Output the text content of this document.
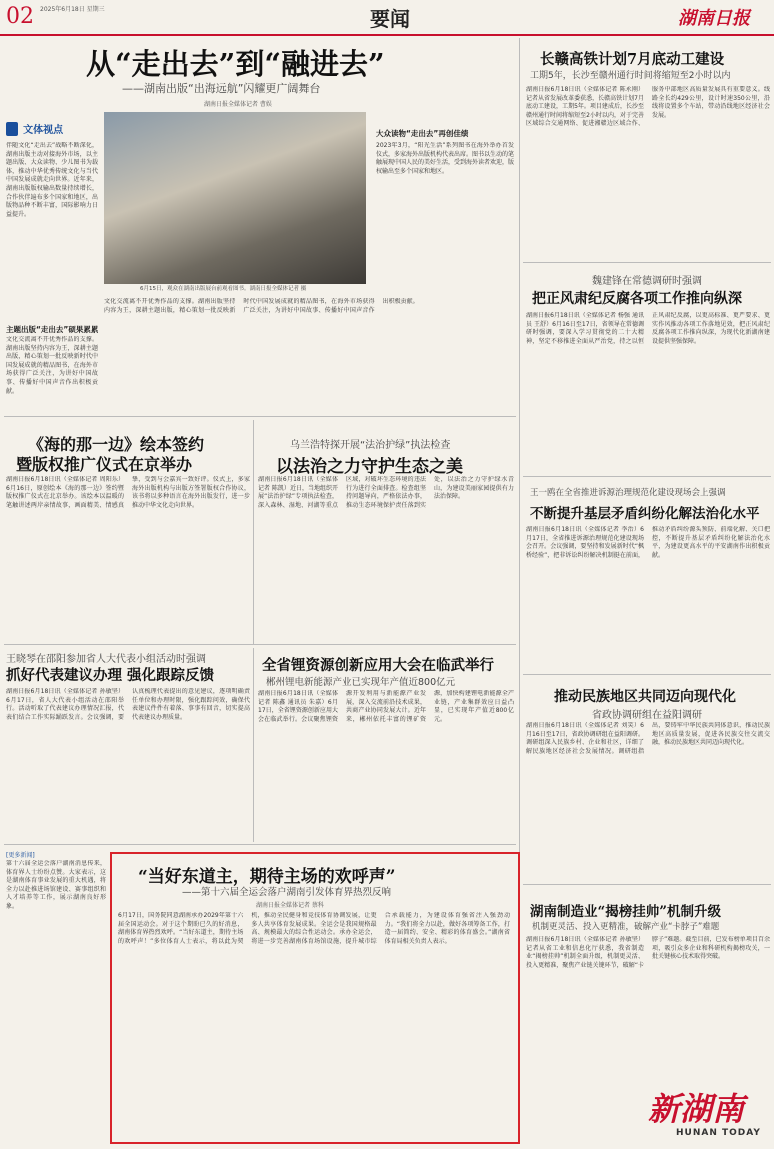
02 2025年6月18日 星期三	要闻	湖南日报
从“走出去”到“融进去”
——湖南出版“出海远航”闪耀更广阔舞台
湖南日报全媒体记者 曹娱
文体视点
伴随文化“走出去”战略不断深化，湖南出版主动对接海外市场，以主题出版、大众读物、少儿图书为载体，推动中华优秀传统文化与当代中国发展成就走向世界。近年来，湖南出版版权输出数量持续增长，合作伙伴遍布多个国家和地区，出版物品种不断丰富，国际影响力日益提升。
主题出版“走出去”硕果累累
文化交流离不开优秀作品的支撑。湖南出版坚持内容为王，深耕主题出版，精心策划一批反映新时代中国发展成就的精品图书，在海外市场获得广泛关注，为讲好中国故事、传播好中国声音作出积极贡献。
6月15日，观众在湖南出版展台前观看图书。湖南日报全媒体记者 摄
大众读物“走出去”再创佳绩
2023年3月，“阳光生活”系列图书在海外举办首发仪式，多家海外出版机构代表出席。图书以生动的笔触展现中国人民的美好生活，受到海外读者欢迎，版权输出至多个国家和地区。
文化交流离不开优秀作品的支撑。湖南出版坚持内容为王，深耕主题出版，精心策划一批反映新时代中国发展成就的精品图书，在海外市场获得广泛关注，为讲好中国故事、传播好中国声音作出积极贡献。
《海的那一边》绘本签约
暨版权推广仪式在京举办
湖南日报6月18日讯（全媒体记者 周阳乐）6月16日，原创绘本《海的那一边》签约暨版权推广仪式在北京举办。该绘本以温暖的笔触讲述两岸亲情故事，画面精美、情感真挚，受到与会嘉宾一致好评。仪式上，多家海外出版机构与出版方签署版权合作协议，该书将以多种语言在海外出版发行，进一步推动中华文化走向世界。
乌兰浩特探开展“法治护绿”执法检查
以法治之力守护生态之美
湖南日报6月18日讯（全媒体记者 陈凯）近日，当地组织开展“法治护绿”专项执法检查，深入森林、湿地、河湖等重点区域，对破坏生态环境的违法行为进行全面排查。检查组坚持问题导向，严格依法办事，推动生态环境保护责任落到实处，以法治之力守护绿水青山，为建设美丽家园提供有力法治保障。
王晓琴在邵阳参加省人大代表小组活动时强调
抓好代表建议办理 强化跟踪反馈
湖南日报6月18日讯（全媒体记者 孙敏坚）6月17日，省人大代表小组活动在邵阳举行。活动听取了代表建议办理情况汇报，代表们结合工作实际踊跃发言。会议强调，要认真梳理代表提出的意见建议，逐项明确责任单位和办理时限，强化跟踪问效，确保代表建议件件有着落、事事有回音，切实提高代表建议办理质量。
全省锂资源创新应用大会在临武举行
郴州锂电新能源产业已实现年产值近800亿元
湖南日报6月18日讯（全媒体记者 陈鑫 通讯员 朱嘉）6月17日，全省锂资源创新应用大会在临武举行。会议聚焦锂资源开发利用与新能源产业发展，深入交流前沿技术成果，共商产业协同发展大计。近年来，郴州依托丰富的锂矿资源，加快构建锂电新能源全产业链，产业集群效应日益凸显，已实现年产值近800亿元。
[更多新闻]
第十六届全运会落户湖南消息传来，体育界人士纷纷点赞。大家表示，这是湖南体育事业发展的重大机遇，将全力以赴推进场馆建设、赛事组织和人才培养等工作，展示湖南良好形象。
“当好东道主，期待主场的欢呼声”
——第十六届全运会落户湖南引发体育界热烈反响
湖南日报全媒体记者 蔡科
6月17日，国务院同意湖南承办2029年第十六届全国运动会。对于这个期盼已久的好消息，湖南体育界热烈欢呼。“当好东道主，期待主场的欢呼声！”多位体育人士表示，将以此为契机，推动全民健身和竞技体育协调发展，让更多人共享体育发展成果。全运会是我国规格最高、规模最大的综合性运动会。承办全运会，将进一步完善湖南体育场馆设施，提升城市综合承载能力，为建设体育强省注入强劲动力。“我们将全力以赴，做好各项筹备工作，打造一届简约、安全、精彩的体育盛会。”湖南省体育局相关负责人表示。
长赣高铁计划7月底动工建设
工期5年，长沙至赣州通行时间将缩短至2小时以内
湖南日报6月18日讯（全媒体记者 陈永刚）记者从省发展改革委获悉，长赣高铁计划7月底动工建设，工期5年。项目建成后，长沙至赣州通行时间将缩短至2小时以内，对于完善区域综合交通网络、促进湘赣边区域合作、服务中部地区高质量发展具有重要意义。线路全长约429公里，设计时速350公里，沿线将设置多个车站，带动沿线地区经济社会发展。
魏建锋在常德调研时强调
把正风肃纪反腐各项工作推向纵深
湖南日报6月18日讯（全媒体记者 杨强 通讯员 王舒）6月16日至17日，省领导在常德调研时强调，要深入学习贯彻党的二十大精神，坚定不移推进全面从严治党，持之以恒正风肃纪反腐，以更高标准、更严要求、更实作风推动各项工作落地见效，把正风肃纪反腐各项工作推向纵深，为现代化新湖南建设提供坚强保障。
王一鸥在全省推进诉源治理规范化建设现场会上强调
不断提升基层矛盾纠纷化解法治化水平
湖南日报6月18日讯（全媒体记者 李治）6月17日，全省推进诉源治理规范化建设现场会召开。会议强调，要坚持和发展新时代“枫桥经验”，把非诉讼纠纷解决机制挺在前面，推动矛盾纠纷源头预防、前端化解、关口把控，不断提升基层矛盾纠纷化解法治化水平，为建设更高水平的平安湖南作出积极贡献。
推动民族地区共同迈向现代化
省政协调研组在益阳调研
湖南日报6月18日讯（全媒体记者 刘笑）6月16日至17日，省政协调研组在益阳调研。调研组深入民族乡村、企业和社区，详细了解民族地区经济社会发展情况。调研组指出，要铸牢中华民族共同体意识，推动民族地区高质量发展，促进各民族交往交流交融，推动民族地区共同迈向现代化。
湖南制造业“揭榜挂帅”机制升级
机制更灵活、投入更精准，破解产业“卡脖子”难题
湖南日报6月18日讯（全媒体记者 孙敏坚）记者从省工业和信息化厅获悉，我省制造业“揭榜挂帅”机制全面升级，机制更灵活、投入更精准，聚焦产业链关键环节，破解“卡脖子”难题。截至目前，已发布榜单项目百余项，吸引众多企业和科研机构揭榜攻关，一批关键核心技术取得突破。
新湖南
HUNAN TODAY
